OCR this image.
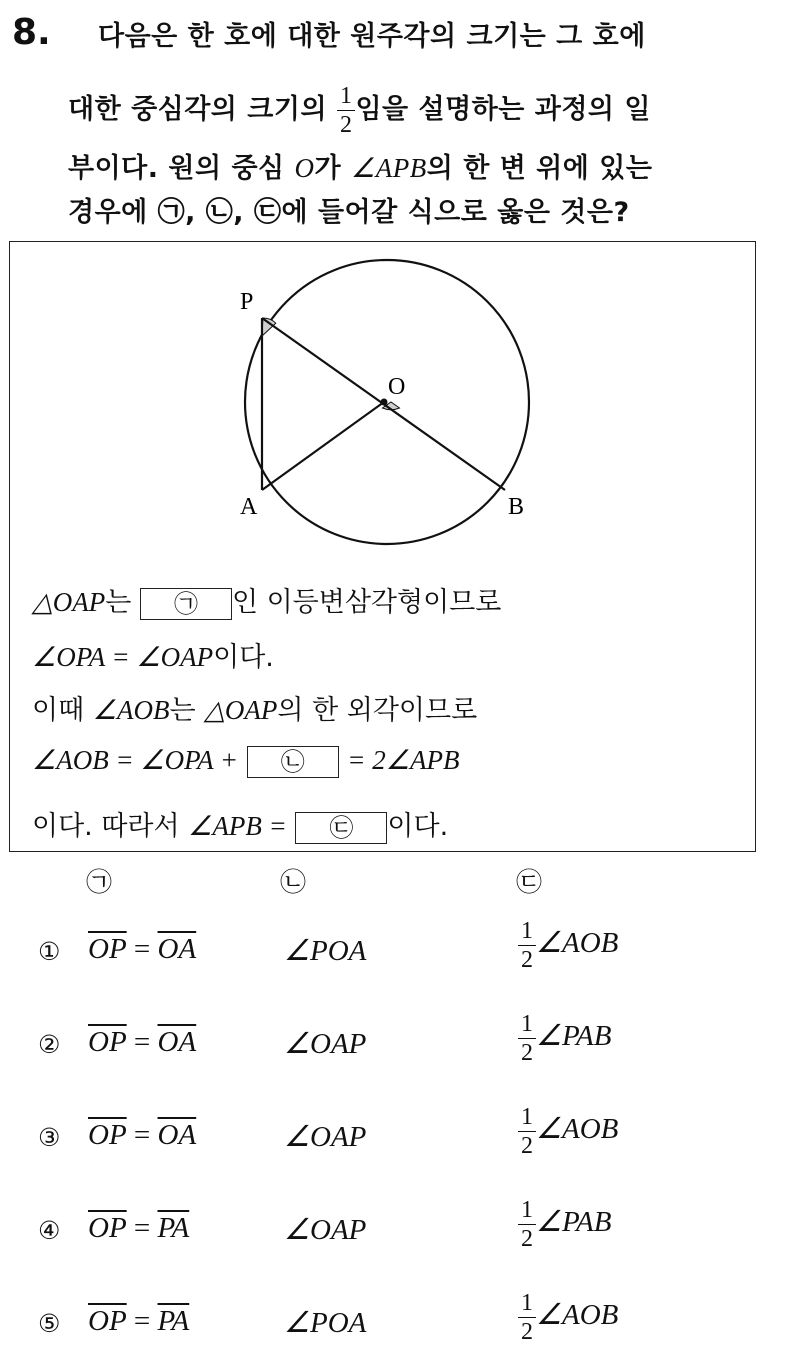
8. 다음은 한 호에 대한 원주각의 크기는 그 호에
대한 중심각의 크기의 $\frac{1}{2}$ 임을 설명하는 과정의 일
부이다. 원의 중심 O가 ∠APB의 한 변 위에 있는
경우에 ㉠, ㉡, ㉢에 들어갈 식으로 옳은 것은?
P
O
A	B
△OAP는 ㉠ 인 이등변삼각형이므로
∠OPA = ∠OAP이다.
이때 ∠AOB는 △OAP의 한 외각이므로
∠AOB = ∠OPA + ㉡ = 2∠APB
이다. 따라서 ∠APB = ㉢ 이다.
㉠	㉡	㉢
① $\overline{OP} = \overline{OA}$	∠POA	$\frac{1}{2}$ ∠AOB
② $\overline{OP} = \overline{OA}$	∠OAP	$\frac{1}{2}$ ∠PAB
③ $\overline{OP} = \overline{OA}$	∠OAP	$\frac{1}{2}$ ∠AOB
④ $\overline{OP} = \overline{PA}$	∠OAP	$\frac{1}{2}$ ∠PAB
⑤ $\overline{OP} = \overline{PA}$	∠POA	$\frac{1}{2}$ ∠AOB
